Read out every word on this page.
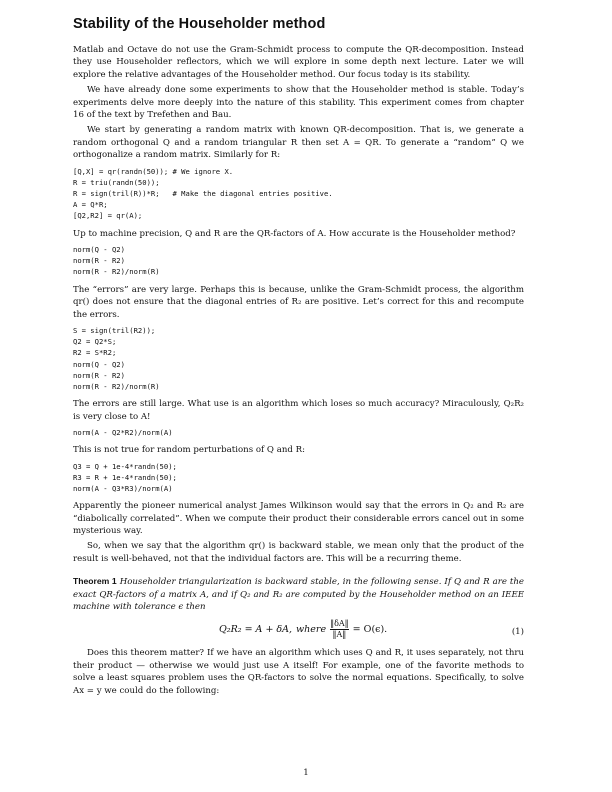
Stability of the Householder method

Matlab and Octave do not use the Gram-Schmidt process to compute the QR-decomposition. Instead they use Householder reflectors, which we will explore in some depth next lecture. Later we will explore the relative advantages of the Householder method. Our focus today is its stability.

We have already done some experiments to show that the Householder method is stable. Today’s experiments delve more deeply into the nature of this stability. This experiment comes from chapter 16 of the text by Trefethen and Bau.

We start by generating a random matrix with known QR-decomposition. That is, we generate a random orthogonal Q and a random triangular R then set A = QR. To generate a “random” Q we orthogonalize a random matrix. Similarly for R:

[Q,X] = qr(randn(50)); # We ignore X.
R = triu(randn(50));
R = sign(tril(R))*R;   # Make the diagonal entries positive.
A = Q*R;
[Q2,R2] = qr(A);

Up to machine precision, Q and R are the QR-factors of A. How accurate is the Householder method?

norm(Q - Q2)
norm(R - R2)
norm(R - R2)/norm(R)

The “errors” are very large. Perhaps this is because, unlike the Gram-Schmidt process, the algorithm qr() does not ensure that the diagonal entries of R₂ are positive. Let’s correct for this and recompute the errors.

S = sign(tril(R2));
Q2 = Q2*S;
R2 = S*R2;
norm(Q - Q2)
norm(R - R2)
norm(R - R2)/norm(R)

The errors are still large. What use is an algorithm which loses so much accuracy? Miraculously, Q₂R₂ is very close to A!

norm(A - Q2*R2)/norm(A)

This is not true for random perturbations of Q and R:

Q3 = Q + 1e-4*randn(50);
R3 = R + 1e-4*randn(50);
norm(A - Q3*R3)/norm(A)

Apparently the pioneer numerical analyst James Wilkinson would say that the errors in Q₂ and R₂ are “diabolically correlated”. When we compute their product their considerable errors cancel out in some mysterious way.

So, when we say that the algorithm qr() is backward stable, we mean only that the product of the result is well-behaved, not that the individual factors are. This will be a recurring theme.

Theorem 1 Householder triangularization is backward stable, in the following sense. If Q and R are the exact QR-factors of a matrix A, and if Q₂ and R₂ are computed by the Householder method on an IEEE machine with tolerance ϵ then
Q₂R₂ = A + δA, where $\frac{‖\delta A‖}{‖A‖} = O(\epsilon)$.	(1)

Does this theorem matter? If we have an algorithm which uses Q and R, it uses separately, not thru their product — otherwise we would just use A itself! For example, one of the favorite methods to solve a least squares problem uses the QR-factors to solve the normal equations. Specifically, to solve Ax = y we could do the following:

1
